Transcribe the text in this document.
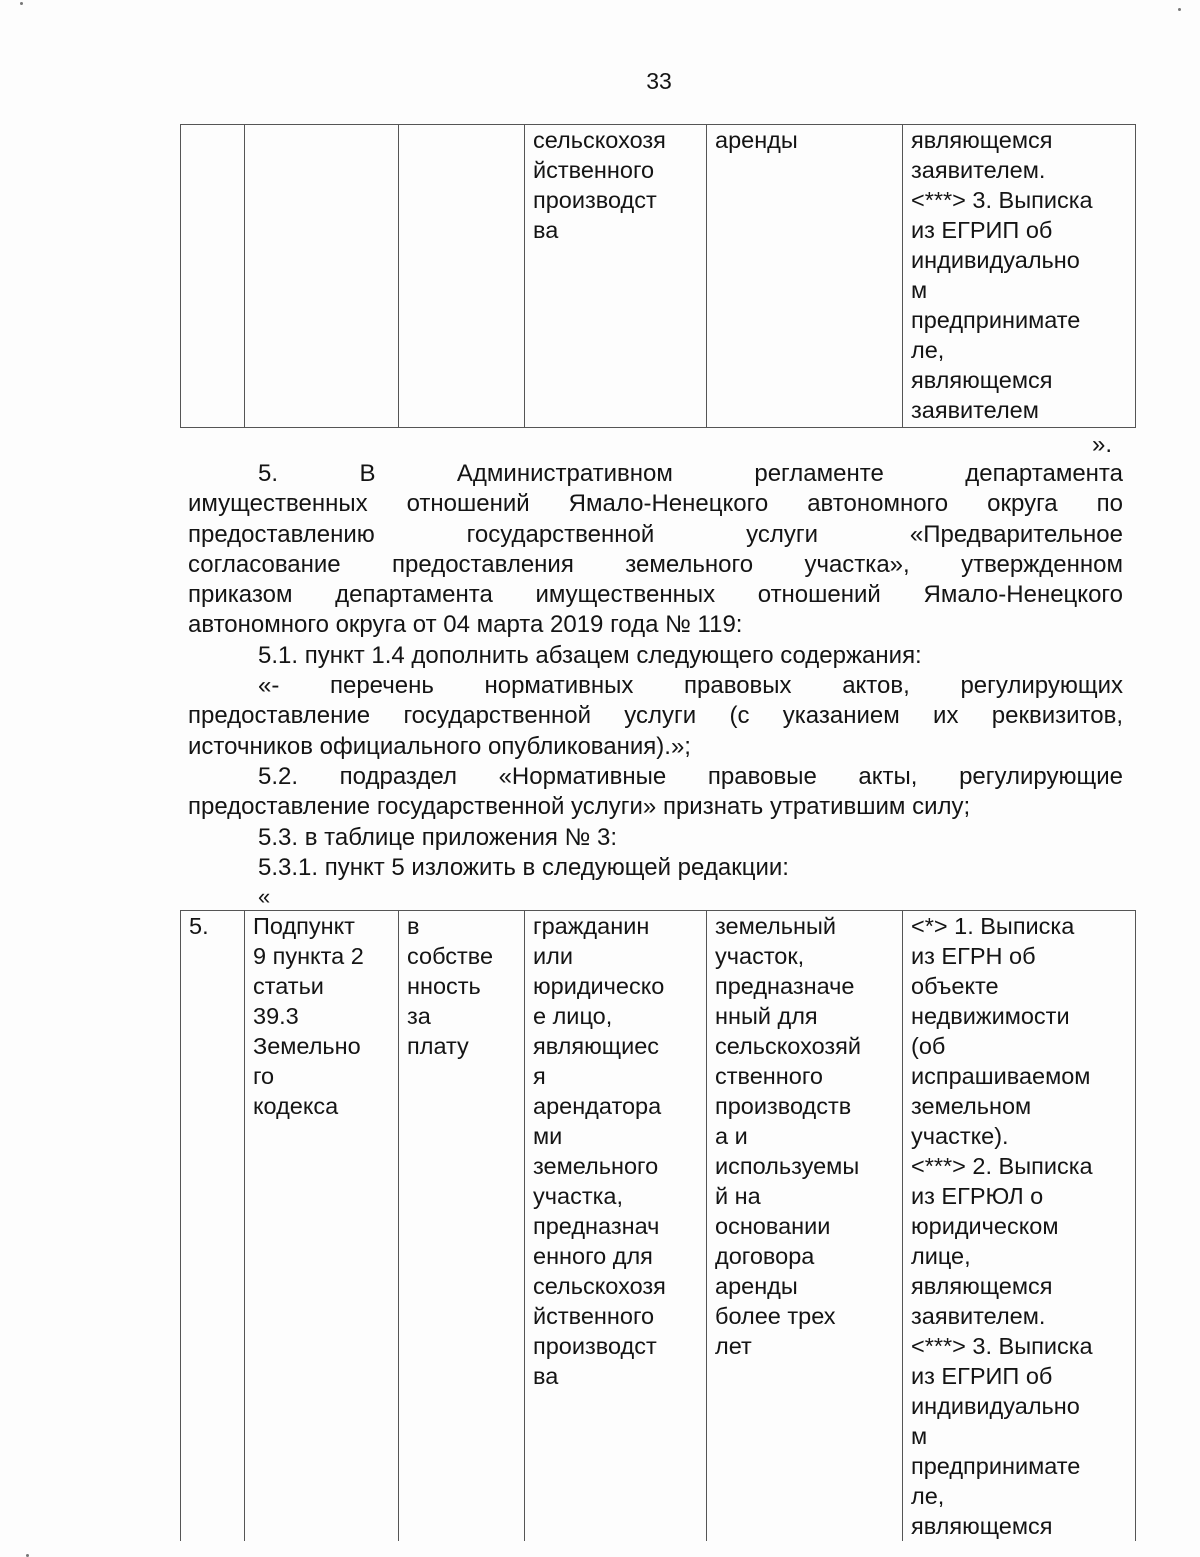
33
			сельскохозя
йственного
производст
ва	аренды	являющемся
заявителем.
<***> 3. Выписка
из ЕГРИП об
индивидуально
м
предпринимате
ле,
являющемся
заявителем
».
5. В Административном регламенте департамента
имущественных отношений Ямало-Ненецкого автономного округа по
предоставлению государственной услуги «Предварительное
согласование предоставления земельного участка», утвержденном
приказом департамента имущественных отношений Ямало-Ненецкого
автономного округа от 04 марта 2019 года № 119:
5.1. пункт 1.4 дополнить абзацем следующего содержания:
«- перечень нормативных правовых актов, регулирующих
предоставление государственной услуги (с указанием их реквизитов,
источников официального опубликования).»;
5.2. подраздел «Нормативные правовые акты, регулирующие
предоставление государственной услуги» признать утратившим силу;
5.3. в таблице приложения № 3:
5.3.1. пункт 5 изложить в следующей редакции:
«
5.	Подпункт
9 пункта 2
статьи
39.3
Земельно
го
кодекса	в
собстве
нность
за
плату	гражданин
или
юридическо
е лицо,
являющиес
я
арендатора
ми
земельного
участка,
предназнач
енного для
сельскохозя
йственного
производст
ва	земельный
участок,
предназначе
нный для
сельскохозяй
ственного
производств
а и
используемы
й на
основании
договора
аренды
более трех
лет	<*> 1. Выписка
из ЕГРН об
объекте
недвижимости
(об
испрашиваемом
земельном
участке).
<***> 2. Выписка
из ЕГРЮЛ о
юридическом
лице,
являющемся
заявителем.
<***> 3. Выписка
из ЕГРИП об
индивидуально
м
предпринимате
ле,
являющемся
